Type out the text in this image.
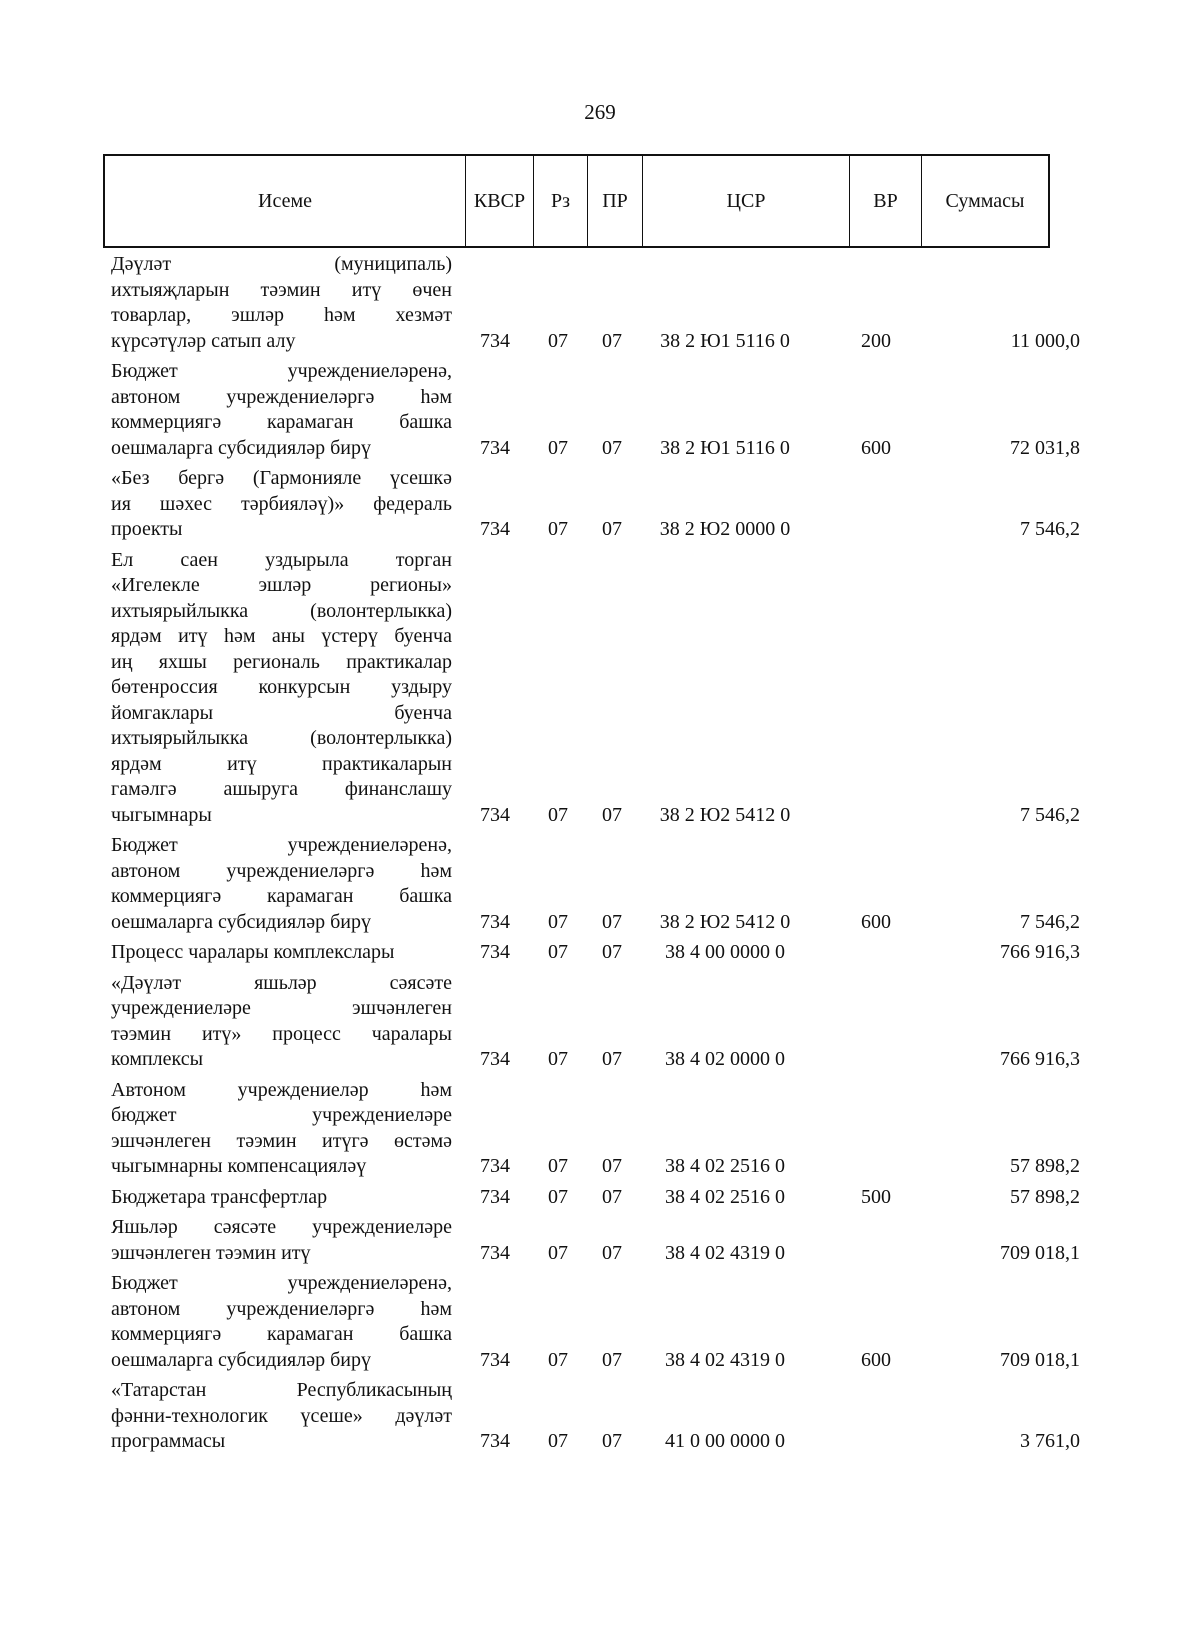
269
Исеме	КВСР	Рз	ПР	ЦСР	ВР	Суммасы
Дәүләт (муниципаль)
ихтыяҗларын тәэмин итү өчен
товарлар, эшләр һәм хезмәт
күрсәтүләр сатып алу	734 07 07	38 2 Ю1 5116 0	200	11 000,0
Бюджет учреждениеләренә,
автоном учреждениеләргә һәм
коммерциягә карамаган башка
оешмаларга субсидияләр бирү	734 07 07	38 2 Ю1 5116 0	600	72 031,8
«Без бергә (Гармонияле үсешкә
ия шәхес тәрбияләү)» федераль
проекты	734 07 07	38 2 Ю2 0000 0	7 546,2
Ел саен уздырыла торган
«Игелекле эшләр регионы»
ихтыярыйлыкка (волонтерлыкка)
ярдәм итү һәм аны үстерү буенча
иң яхшы региональ практикалар
бөтенроссия конкурсын уздыру
йомгаклары буенча
ихтыярыйлыкка (волонтерлыкка)
ярдәм итү практикаларын
гамәлгә ашыруга финанслашу
чыгымнары	734 07 07	38 2 Ю2 5412 0	7 546,2
Бюджет учреждениеләренә,
автоном учреждениеләргә һәм
коммерциягә карамаган башка
оешмаларга субсидияләр бирү	734 07 07	38 2 Ю2 5412 0	600	7 546,2
Процесс чаралары комплекслары	734 07 07	38 4 00 0000 0	766 916,3
«Дәүләт яшьләр сәясәте
учреждениеләре эшчәнлеген
тәэмин итү» процесс чаралары
комплексы	734 07 07	38 4 02 0000 0	766 916,3
Автоном учреждениеләр һәм
бюджет учреждениеләре
эшчәнлеген тәэмин итүгә өстәмә
чыгымнарны компенсацияләү	734 07 07	38 4 02 2516 0	57 898,2
Бюджетара трансфертлар	734 07 07	38 4 02 2516 0	500	57 898,2
Яшьләр сәясәте учреждениеләре
эшчәнлеген тәэмин итү	734 07 07	38 4 02 4319 0	709 018,1
Бюджет учреждениеләренә,
автоном учреждениеләргә һәм
коммерциягә карамаган башка
оешмаларга субсидияләр бирү	734 07 07	38 4 02 4319 0	600	709 018,1
«Татарстан Республикасының
фәнни-технологик үсеше» дәүләт
программасы	734 07 07	41 0 00 0000 0	3 761,0
